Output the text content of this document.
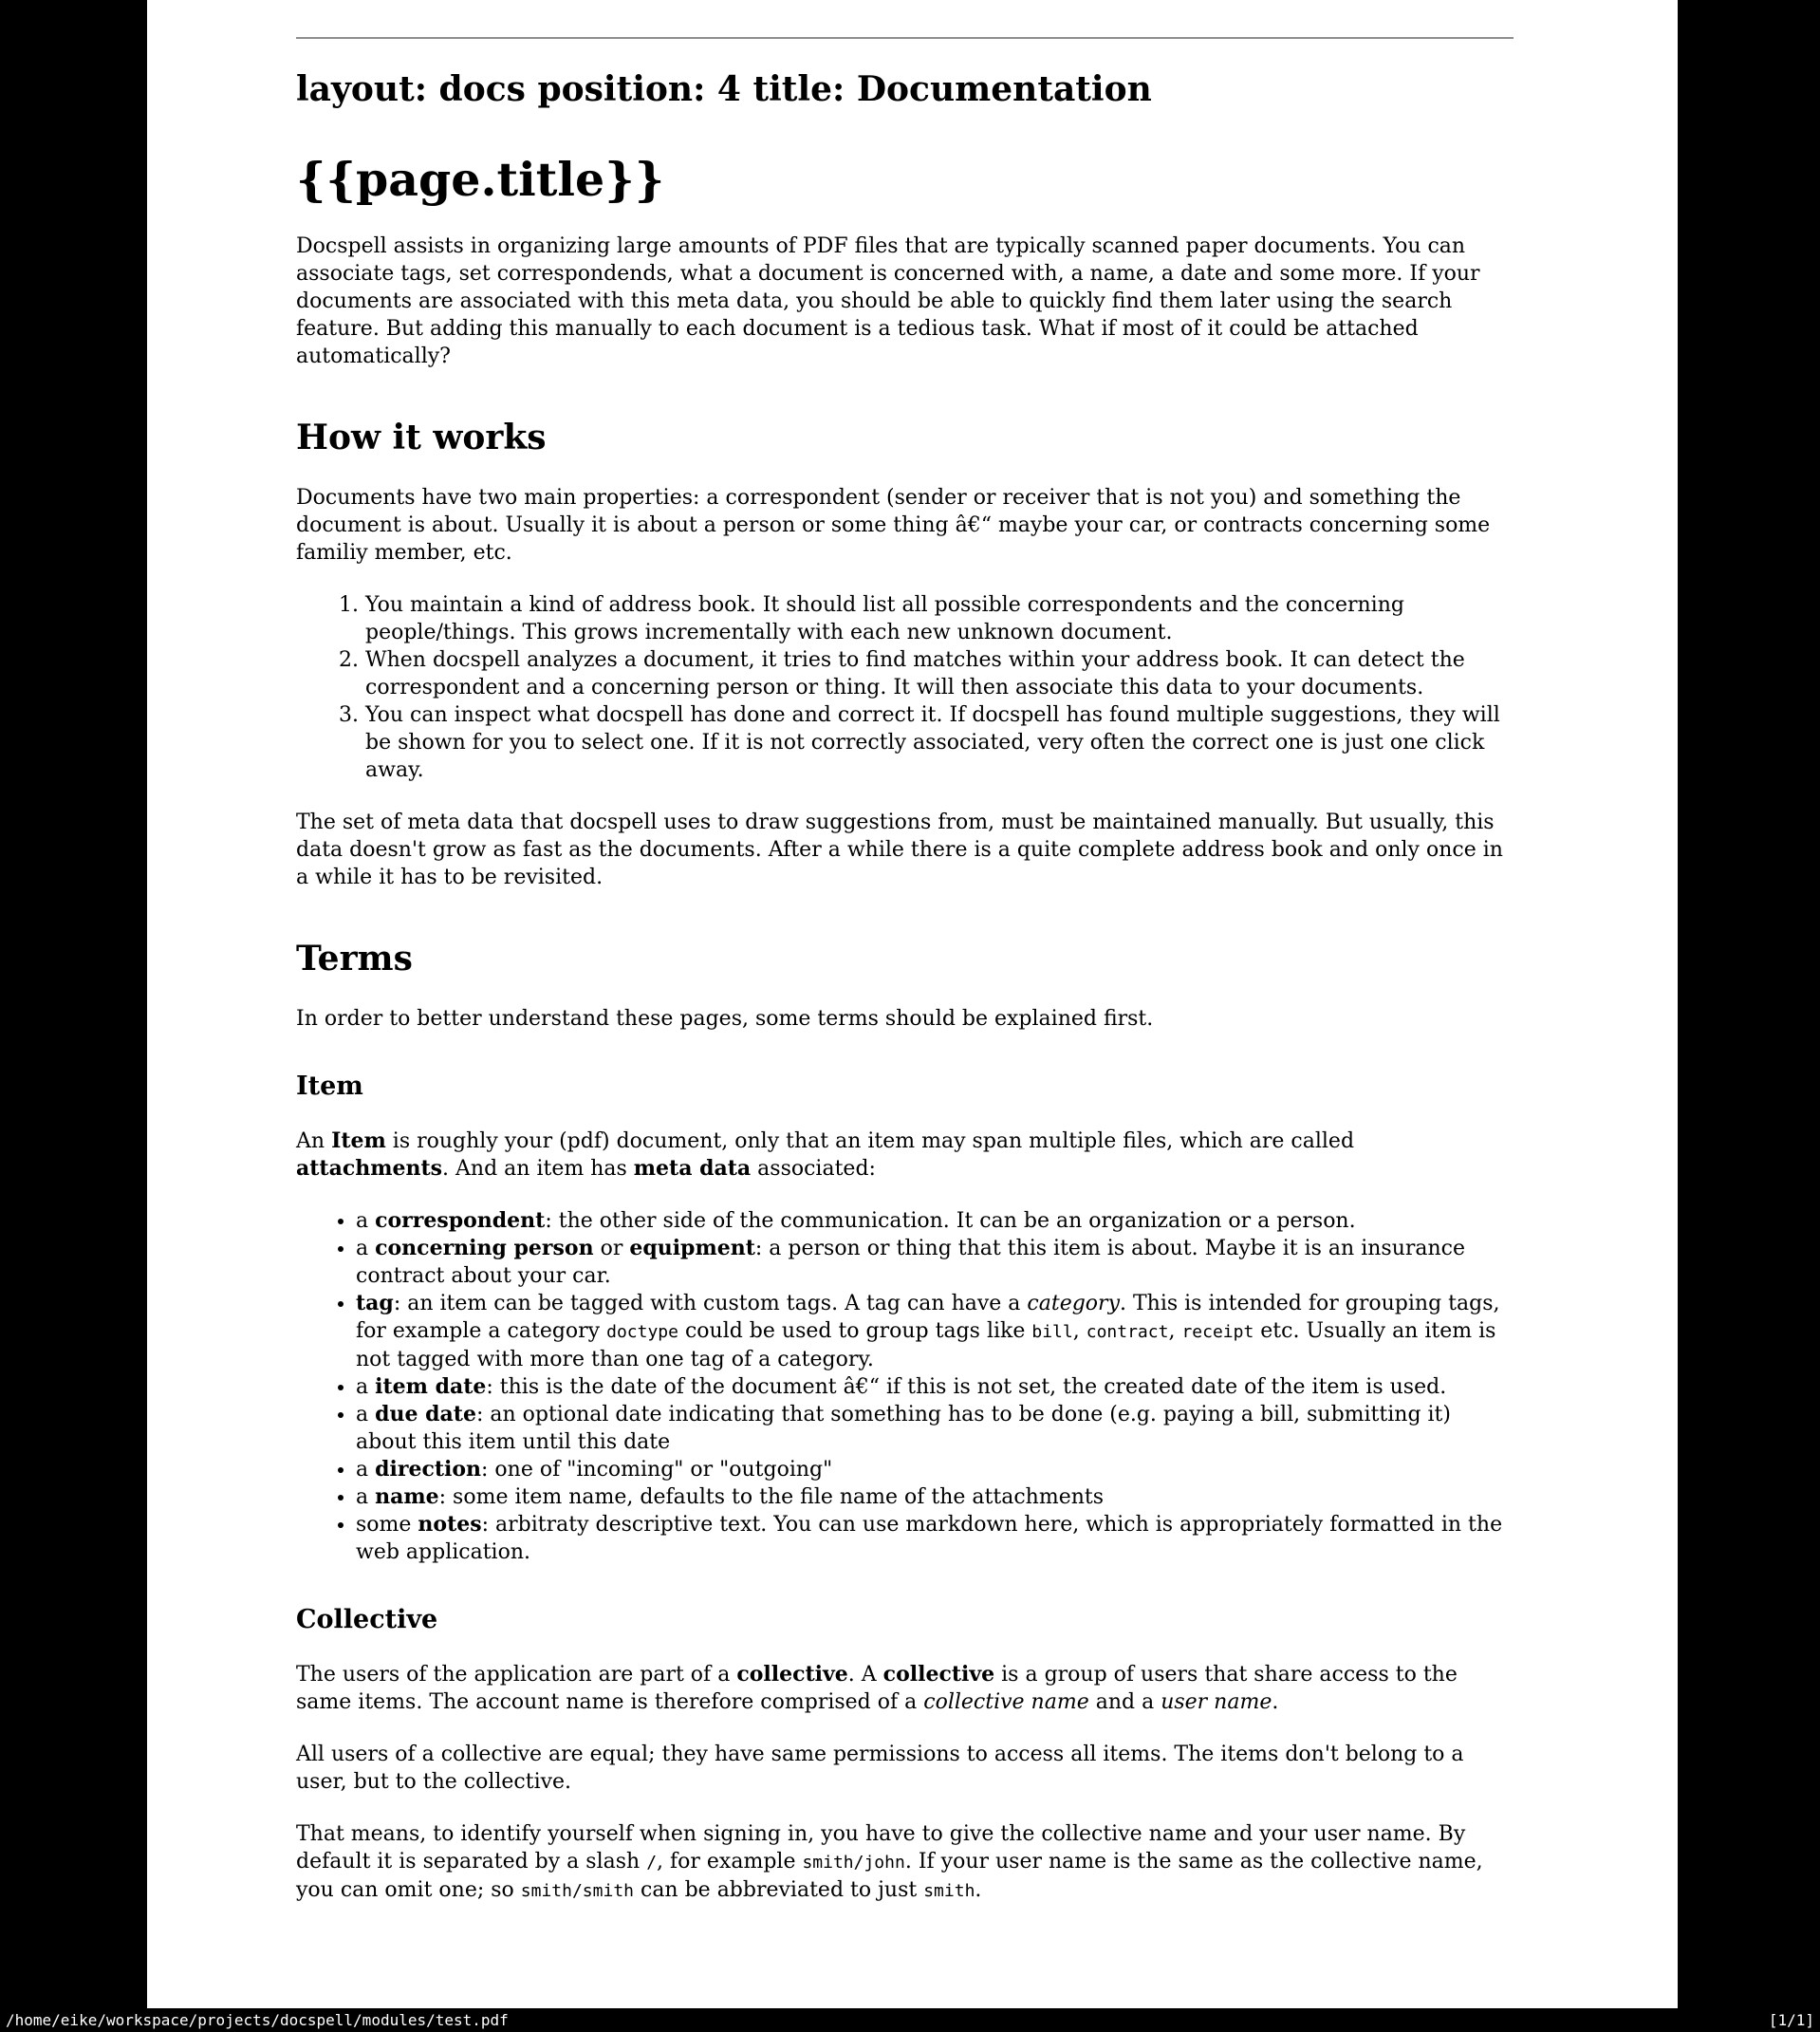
layout: docs position: 4 title: Documentation
{{page.title}}

Docspell assists in organizing large amounts of PDF files that are typically scanned paper documents. You can associate tags, set correspondends, what a document is concerned with, a name, a date and some more. If your documents are associated with this meta data, you should be able to quickly find them later using the search feature. But adding this manually to each document is a tedious task. What if most of it could be attached automatically?

How it works

Documents have two main properties: a correspondent (sender or receiver that is not you) and something the document is about. Usually it is about a person or some thing â€“ maybe your car, or contracts concerning some familiy member, etc.

1. You maintain a kind of address book. It should list all possible correspondents and the concerning people/things. This grows incrementally with each new unknown document.
2. When docspell analyzes a document, it tries to find matches within your address book. It can detect the correspondent and a concerning person or thing. It will then associate this data to your documents.
3. You can inspect what docspell has done and correct it. If docspell has found multiple suggestions, they will be shown for you to select one. If it is not correctly associated, very often the correct one is just one click away.

The set of meta data that docspell uses to draw suggestions from, must be maintained manually. But usually, this data doesn't grow as fast as the documents. After a while there is a quite complete address book and only once in a while it has to be revisited.

Terms

In order to better understand these pages, some terms should be explained first.

Item

An Item is roughly your (pdf) document, only that an item may span multiple files, which are called attachments. And an item has meta data associated:

• a correspondent: the other side of the communication. It can be an organization or a person.
• a concerning person or equipment: a person or thing that this item is about. Maybe it is an insurance contract about your car.
• tag: an item can be tagged with custom tags. A tag can have a category. This is intended for grouping tags, for example a category doctype could be used to group tags like bill, contract, receipt etc. Usually an item is not tagged with more than one tag of a category.
• a item date: this is the date of the document â€“ if this is not set, the created date of the item is used.
• a due date: an optional date indicating that something has to be done (e.g. paying a bill, submitting it) about this item until this date
• a direction: one of "incoming" or "outgoing"
• a name: some item name, defaults to the file name of the attachments
• some notes: arbitraty descriptive text. You can use markdown here, which is appropriately formatted in the web application.
Collective

The users of the application are part of a collective. A collective is a group of users that share access to the same items. The account name is therefore comprised of a collective name and a user name.

All users of a collective are equal; they have same permissions to access all items. The items don't belong to a user, but to the collective.

That means, to identify yourself when signing in, you have to give the collective name and your user name. By default it is separated by a slash /, for example smith/john. If your user name is the same as the collective name, you can omit one; so smith/smith can be abbreviated to just smith.

/home/eike/workspace/projects/docspell/modules/test.pdf	[1/1]
